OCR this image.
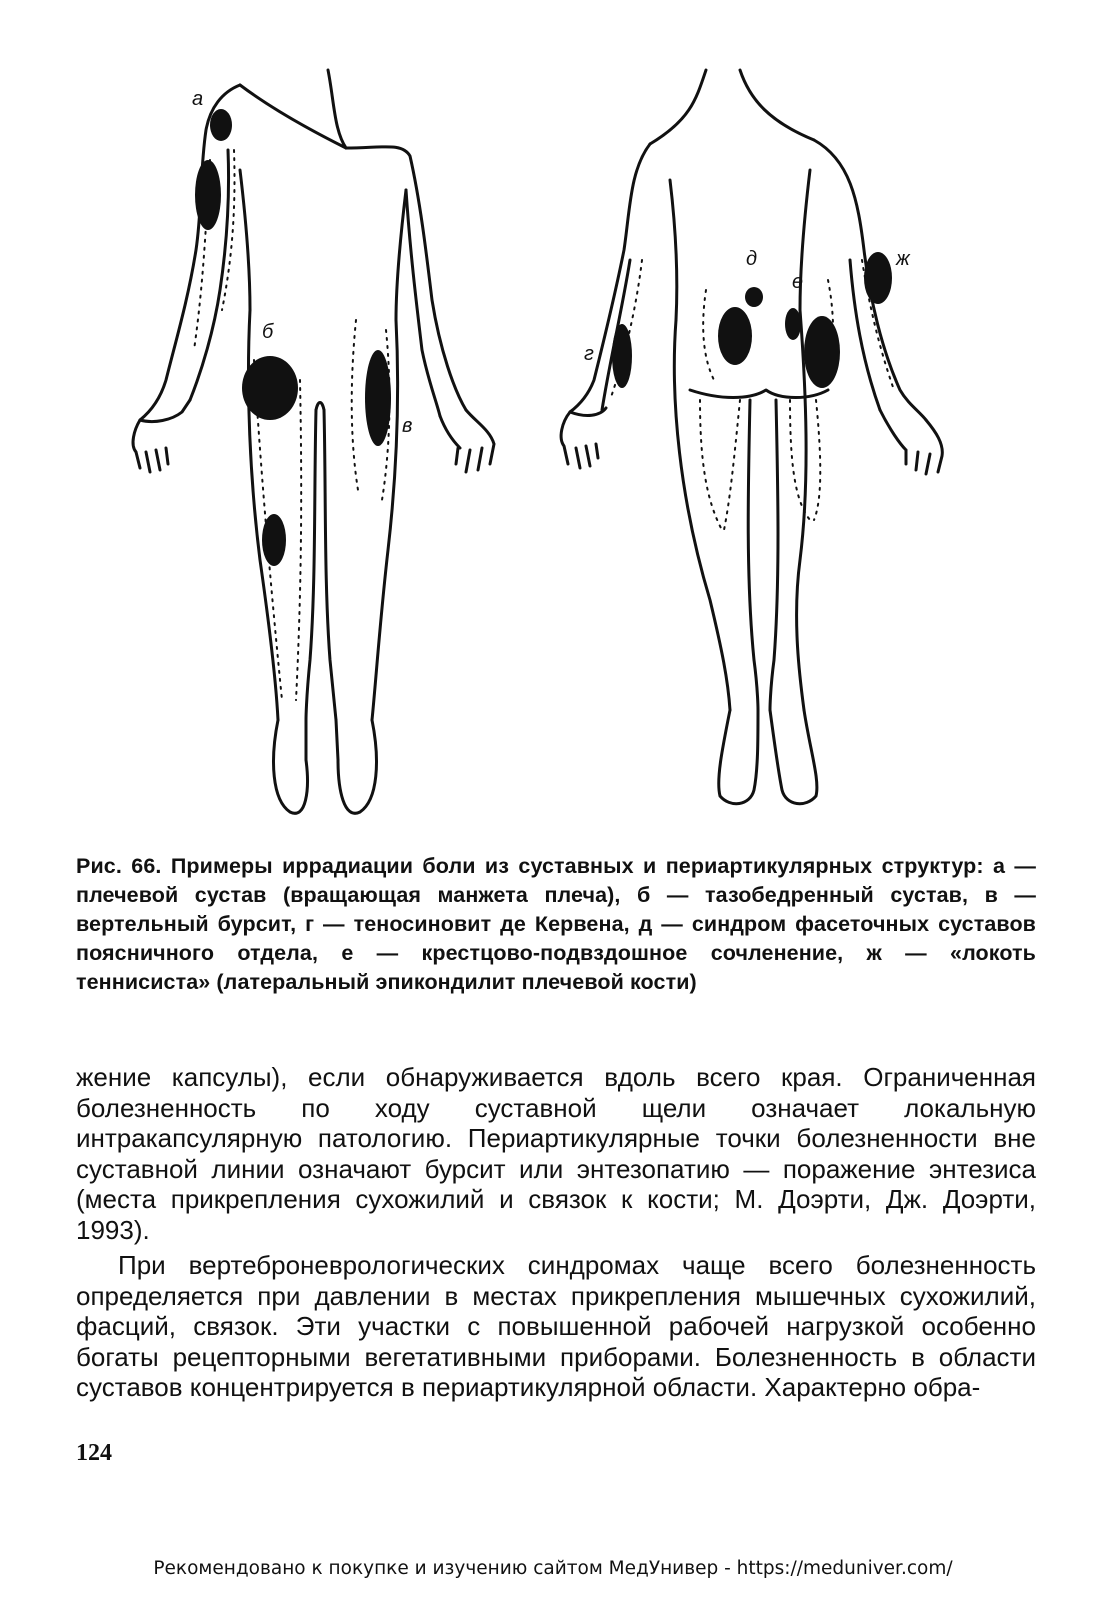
а
б
в
г
д
е
ж
Рис. 66. Примеры иррадиации боли из суставных и периартикулярных структур: а — плечевой сустав (вращающая манжета плеча), б — тазобедренный сустав, в — вертельный бурсит, г — теносиновит де Кервена, д — синдром фасеточных суставов поясничного отдела, е — крестцово-подвздошное сочленение, ж — «локоть теннисиста» (латеральный эпикондилит плечевой кости)
жение капсулы), если обнаруживается вдоль всего края. Ограниченная болезненность по ходу суставной щели означает локальную интракапсулярную патологию. Периартикулярные точки болезненности вне суставной линии означают бурсит или энтезопатию — поражение энтезиса (места прикрепления сухожилий и связок к кости; М. Доэрти, Дж. Доэрти, 1993).
При вертеброневрологических синдромах чаще всего болезненность определяется при давлении в местах прикрепления мышечных сухожилий, фасций, связок. Эти участки с повышенной рабочей нагрузкой особенно богаты рецепторными вегетативными приборами. Болезненность в области суставов концентрируется в периартикулярной области. Характерно обра-
124
Рекомендовано к покупке и изучению сайтом МедУнивер - https://meduniver.com/
